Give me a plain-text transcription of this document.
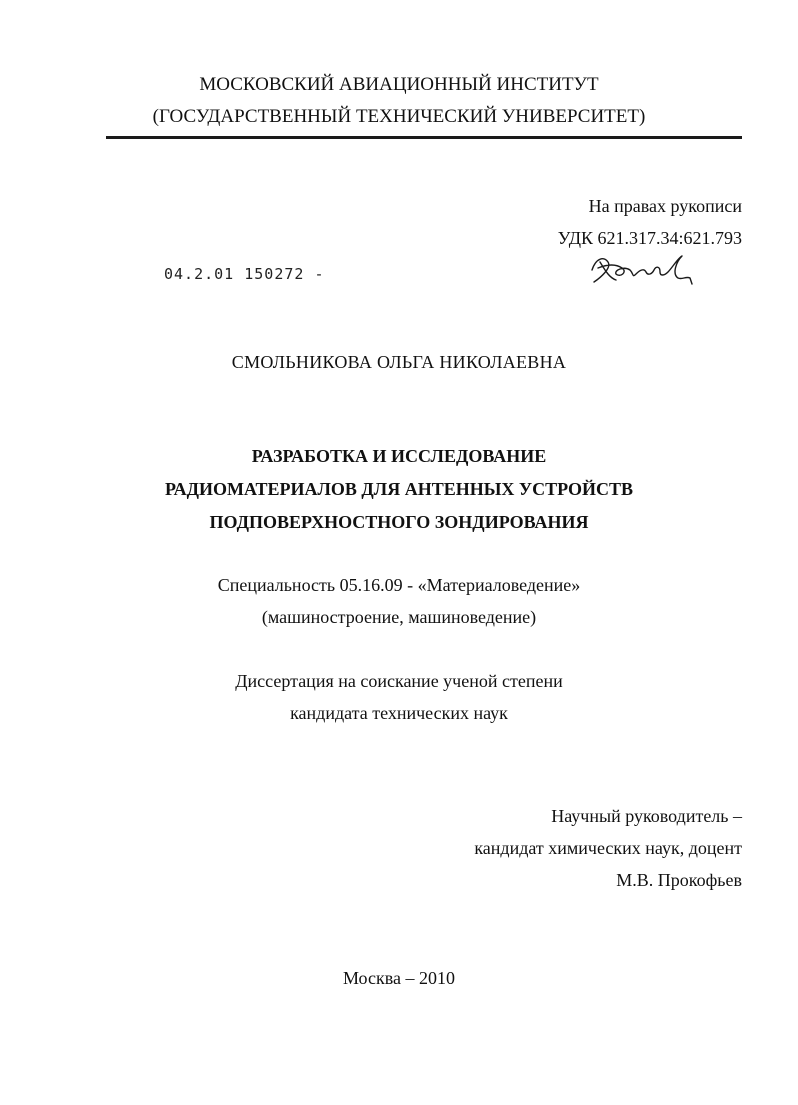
МОСКОВСКИЙ АВИАЦИОННЫЙ ИНСТИТУТ
(ГОСУДАРСТВЕННЫЙ ТЕХНИЧЕСКИЙ УНИВЕРСИТЕТ)
На правах рукописи
УДК 621.317.34:621.793
04.2.01 150272 -
СМОЛЬНИКОВА ОЛЬГА НИКОЛАЕВНА
РАЗРАБОТКА И ИССЛЕДОВАНИЕ
РАДИОМАТЕРИАЛОВ ДЛЯ АНТЕННЫХ УСТРОЙСТВ
ПОДПОВЕРХНОСТНОГО ЗОНДИРОВАНИЯ
Специальность 05.16.09 - «Материаловедение»
(машиностроение, машиноведение)
Диссертация на соискание ученой степени
кандидата технических наук
Научный руководитель –
кандидат химических наук, доцент
М.В. Прокофьев
Москва – 2010
